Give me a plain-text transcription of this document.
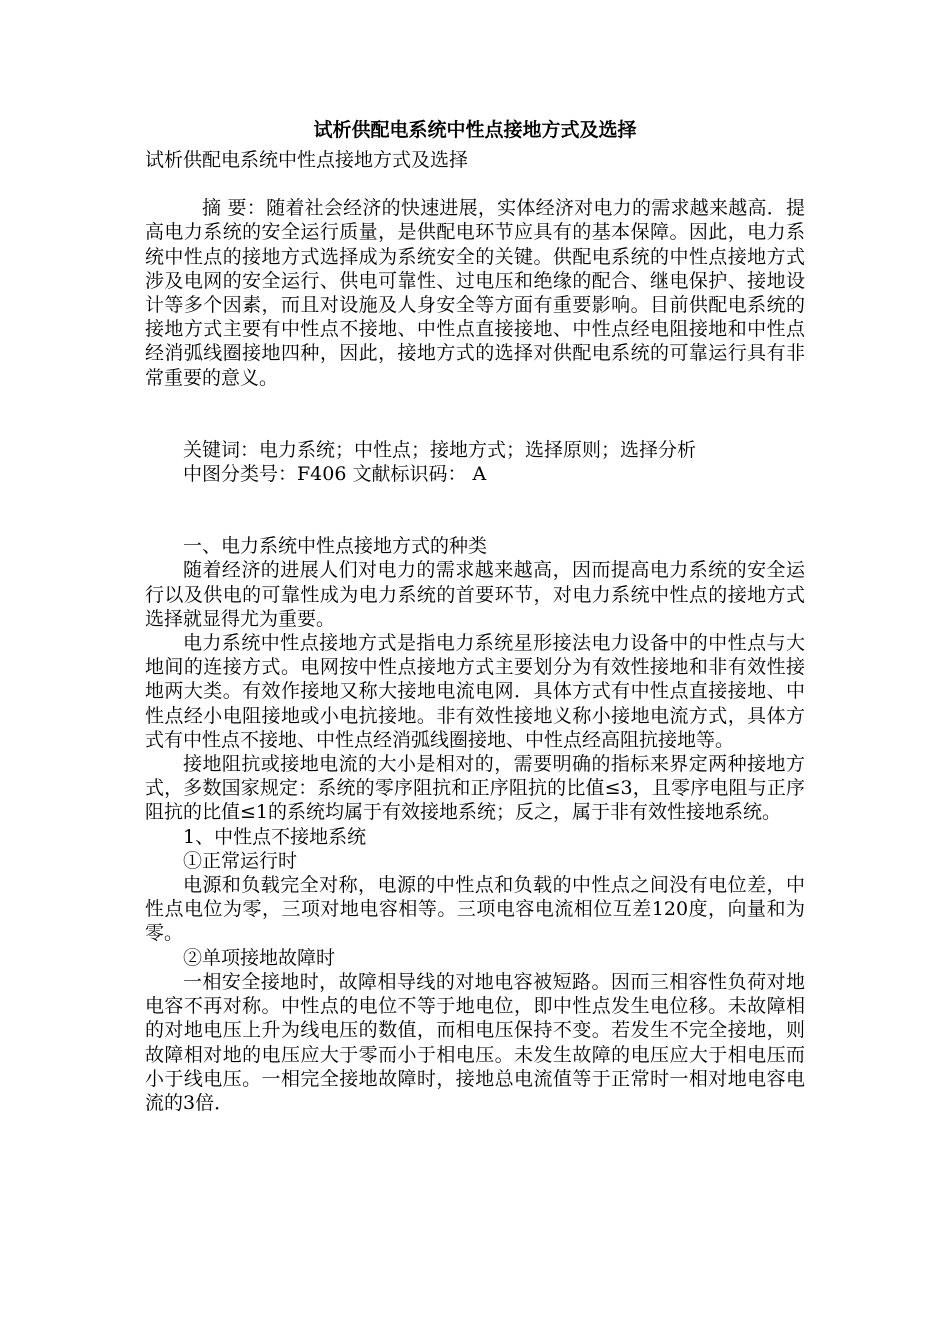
试析供配电系统中性点接地方式及选择

试析供配电系统中性点接地方式及选择

摘 要：随着社会经济的快速进展，实体经济对电力的需求越来越高．提高电力系统的安全运行质量，是供配电环节应具有的基本保障。因此，电力系统中性点的接地方式选择成为系统安全的关键。供配电系统的中性点接地方式涉及电网的安全运行、供电可靠性、过电压和绝缘的配合、继电保护、接地设计等多个因素，而且对设施及人身安全等方面有重要影响。目前供配电系统的接地方式主要有中性点不接地、中性点直接接地、中性点经电阻接地和中性点经消弧线圈接地四种，因此，接地方式的选择对供配电系统的可靠运行具有非常重要的意义。

关键词：电力系统；中性点；接地方式；选择原则；选择分析

中图分类号：F406 文献标识码： A

一、电力系统中性点接地方式的种类

随着经济的进展人们对电力的需求越来越高，因而提高电力系统的安全运行以及供电的可靠性成为电力系统的首要环节，对电力系统中性点的接地方式选择就显得尤为重要。

电力系统中性点接地方式是指电力系统星形接法电力设备中的中性点与大地间的连接方式。电网按中性点接地方式主要划分为有效性接地和非有效性接地两大类。有效作接地又称大接地电流电网．具体方式有中性点直接接地、中性点经小电阻接地或小电抗接地。非有效性接地义称小接地电流方式，具体方式有中性点不接地、中性点经消弧线圈接地、中性点经高阻抗接地等。

接地阻抗或接地电流的大小是相对的，需要明确的指标来界定两种接地方式，多数国家规定：系统的零序阻抗和正序阻抗的比值≤3，且零序电阻与正序阻抗的比值≤1的系统均属于有效接地系统；反之，属于非有效性接地系统。

1、中性点不接地系统

①正常运行时

电源和负载完全对称，电源的中性点和负载的中性点之间没有电位差，中性点电位为零，三项对地电容相等。三项电容电流相位互差120度，向量和为零。

②单项接地故障时

一相安全接地时，故障相导线的对地电容被短路。因而三相容性负荷对地电容不再对称。中性点的电位不等于地电位，即中性点发生电位移。未故障相的对地电压上升为线电压的数值，而相电压保持不变。若发生不完全接地，则故障相对地的电压应大于零而小于相电压。未发生故障的电压应大于相电压而小于线电压。一相完全接地故障时，接地总电流值等于正常时一相对地电容电流的3倍．
